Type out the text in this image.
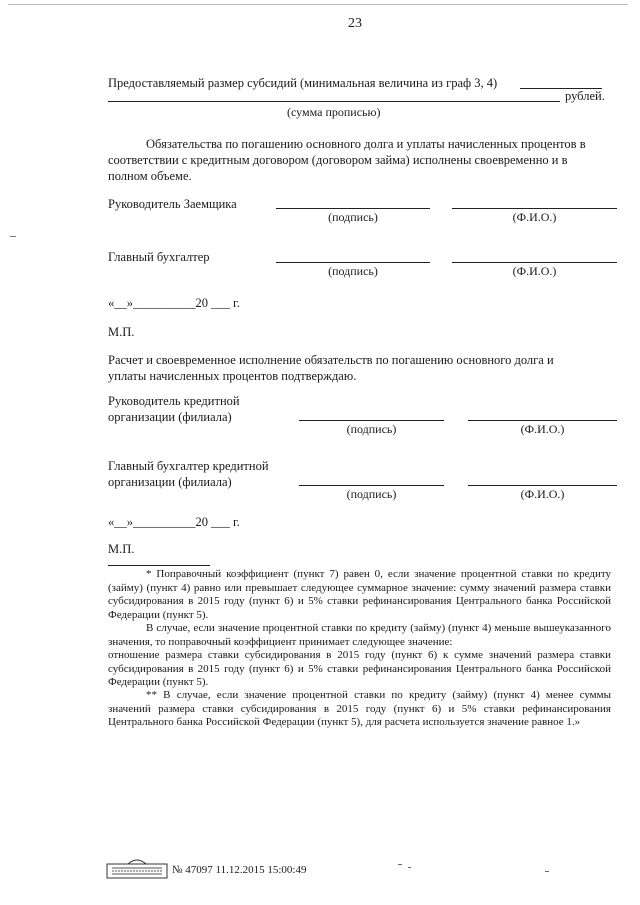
23
Предоставляемый размер субсидий (минимальная величина из граф 3, 4)
рублей.
(сумма прописью)
Обязательства по погашению основного долга и уплаты начисленных процентов в
соответствии с кредитным договором (договором займа) исполнены своевременно и в
полном объеме.
Руководитель Заемщика
(подпись)	(Ф.И.О.)
Главный бухгалтер
(подпись)	(Ф.И.О.)
«__»__________20 ___ г.
М.П.
Расчет и своевременное исполнение обязательств по погашению основного долга и
уплаты начисленных процентов подтверждаю.
Руководитель кредитной
организации (филиала)
(подпись)	(Ф.И.О.)
Главный бухгалтер кредитной
организации (филиала)
(подпись)	(Ф.И.О.)
«__»__________20 ___ г.
М.П.
* Поправочный коэффициент (пункт 7) равен 0, если значение процентной ставки по кредиту (займу) (пункт 4) равно или превышает следующее суммарное значение: сумму значений размера ставки субсидирования в 2015 году (пункт 6) и 5% ставки рефинансирования Центрального банка Российской Федерации (пункт 5).
В случае, если значение процентной ставки по кредиту (займу) (пункт 4) меньше вышеуказанного значения, то поправочный коэффициент принимает следующее значение:
отношение размера ставки субсидирования в 2015 году (пункт 6) к сумме значений размера ставки субсидирования в 2015 году (пункт 6) и 5% ставки рефинансирования Центрального банка Российской Федерации (пункт 5).
** В случае, если значение процентной ставки по кредиту (займу) (пункт 4) менее суммы значений размера ставки субсидирования в 2015 году (пункт 6) и 5% ставки рефинансирования Центрального банка Российской Федерации (пункт 5), для расчета используется значение равное 1.»
№ 47097 11.12.2015 15:00:49
